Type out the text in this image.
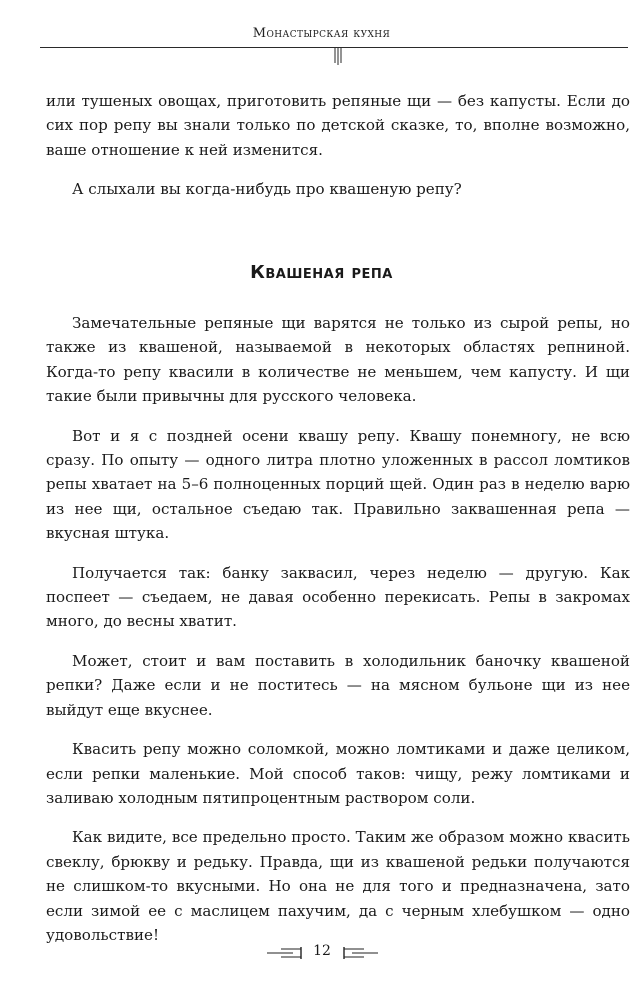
Монастырская кухня

или тушеных овощах, приготовить репяные щи — без капусты. Если до сих пор репу вы знали только по детской сказке, то, вполне возможно, ваше отношение к ней изменится.

А слыхали вы когда-нибудь про квашеную репу?

Квашеная репа

Замечательные репяные щи варятся не только из сырой репы, но также из квашеной, называемой в некоторых областях репниной. Когда-то репу квасили в количестве не меньшем, чем капусту. И щи такие были привычны для русского человека.

Вот и я с поздней осени квашу репу. Квашу понемногу, не всю сразу. По опыту — одного литра плотно уложенных в рассол ломтиков репы хватает на 5–6 полноценных порций щей. Один раз в неделю варю из нее щи, остальное съедаю так. Правильно заквашенная репа — вкусная штука.

Получается так: банку заквасил, через неделю — другую. Как поспеет — съедаем, не давая особенно перекисать. Репы в закромах много, до весны хватит.

Может, стоит и вам поставить в холодильник баночку квашеной репки? Даже если и не поститесь — на мясном бульоне щи из нее выйдут еще вкуснее.

Квасить репу можно соломкой, можно ломтиками и даже целиком, если репки маленькие. Мой способ таков: чищу, режу ломтиками и заливаю холодным пятипроцентным раствором соли.

Как видите, все предельно просто. Таким же образом можно квасить свеклу, брюкву и редьку. Правда, щи из квашеной редьки получаются не слишком-то вкусными. Но она не для того и предназначена, зато если зимой ее с маслицем пахучим, да с черным хлебушком — одно удовольствие!

12
